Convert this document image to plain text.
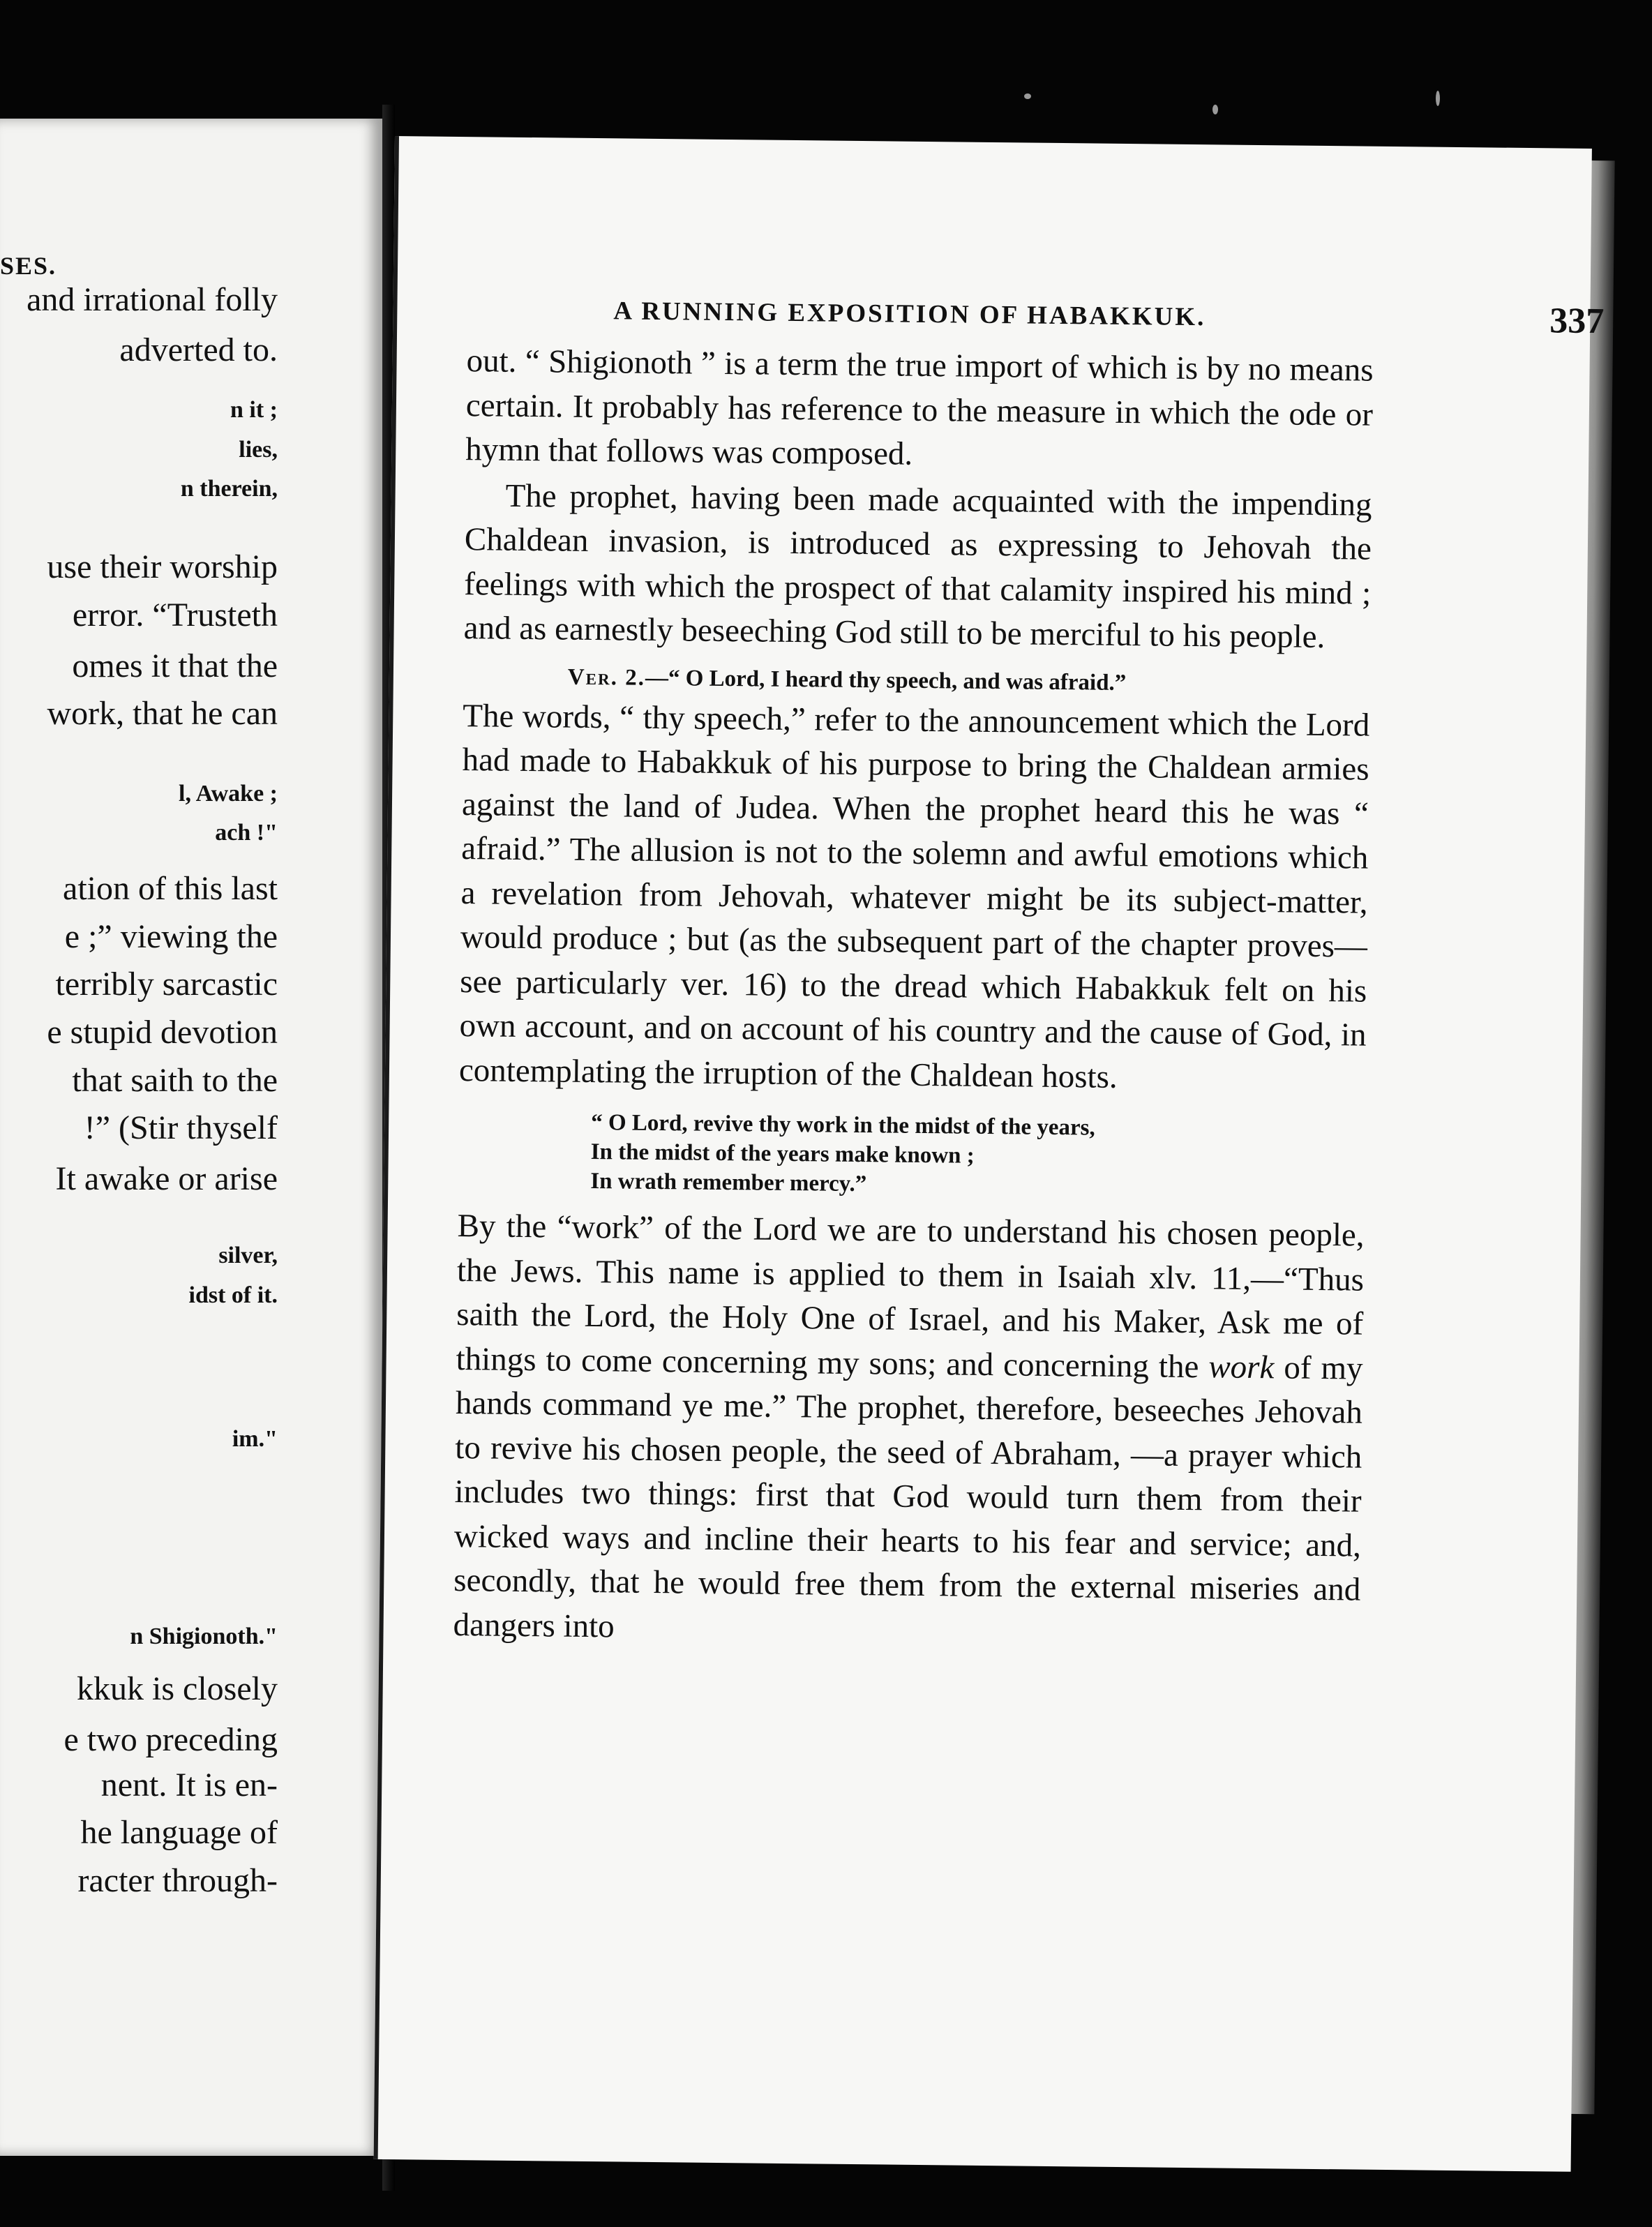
SES.
and irrational folly
adverted to.
n it ;
lies,
n therein,
use their worship
error. “Trusteth
omes it that the
work, that he can
l, Awake ;
ach !"
ation of this last
e ;” viewing the
terribly sarcastic
e stupid devotion
that saith to the
!” (Stir thyself
It awake or arise
silver,
idst of it.
im."
n Shigionoth."
kkuk is closely
e two preceding
nent. It is en-
he language of
racter through-
A RUNNING EXPOSITION OF HABAKKUK.	337

out. “ Shigionoth ” is a term the true import of which is by no means certain. It probably has reference to the measure in which the ode or hymn that follows was composed.

The prophet, having been made acquainted with the impending Chaldean invasion, is introduced as expressing to Jehovah the feelings with which the prospect of that calamity inspired his mind ; and as earnestly beseeching God still to be merciful to his people.

Ver. 2.—“ O Lord, I heard thy speech, and was afraid.”

The words, “ thy speech,” refer to the announcement which the Lord had made to Habakkuk of his purpose to bring the Chaldean armies against the land of Judea. When the prophet heard this he was “ afraid.” The allusion is not to the solemn and awful emotions which a revelation from Jehovah, whatever might be its subject-matter, would produce ; but (as the subsequent part of the chapter proves—see particularly ver. 16) to the dread which Habakkuk felt on his own account, and on account of his country and the cause of God, in contemplating the irruption of the Chaldean hosts.

“ O Lord, revive thy work in the midst of the years,
In the midst of the years make known ;
In wrath remember mercy.”

By the “work” of the Lord we are to understand his chosen people, the Jews. This name is applied to them in Isaiah xlv. 11,—“Thus saith the Lord, the Holy One of Israel, and his Maker, Ask me of things to come concerning my sons; and concerning the work of my hands command ye me.” The prophet, therefore, beseeches Jehovah to revive his chosen people, the seed of Abraham, —a prayer which includes two things: first that God would turn them from their wicked ways and incline their hearts to his fear and service; and, secondly, that he would free them from the external miseries and dangers into
